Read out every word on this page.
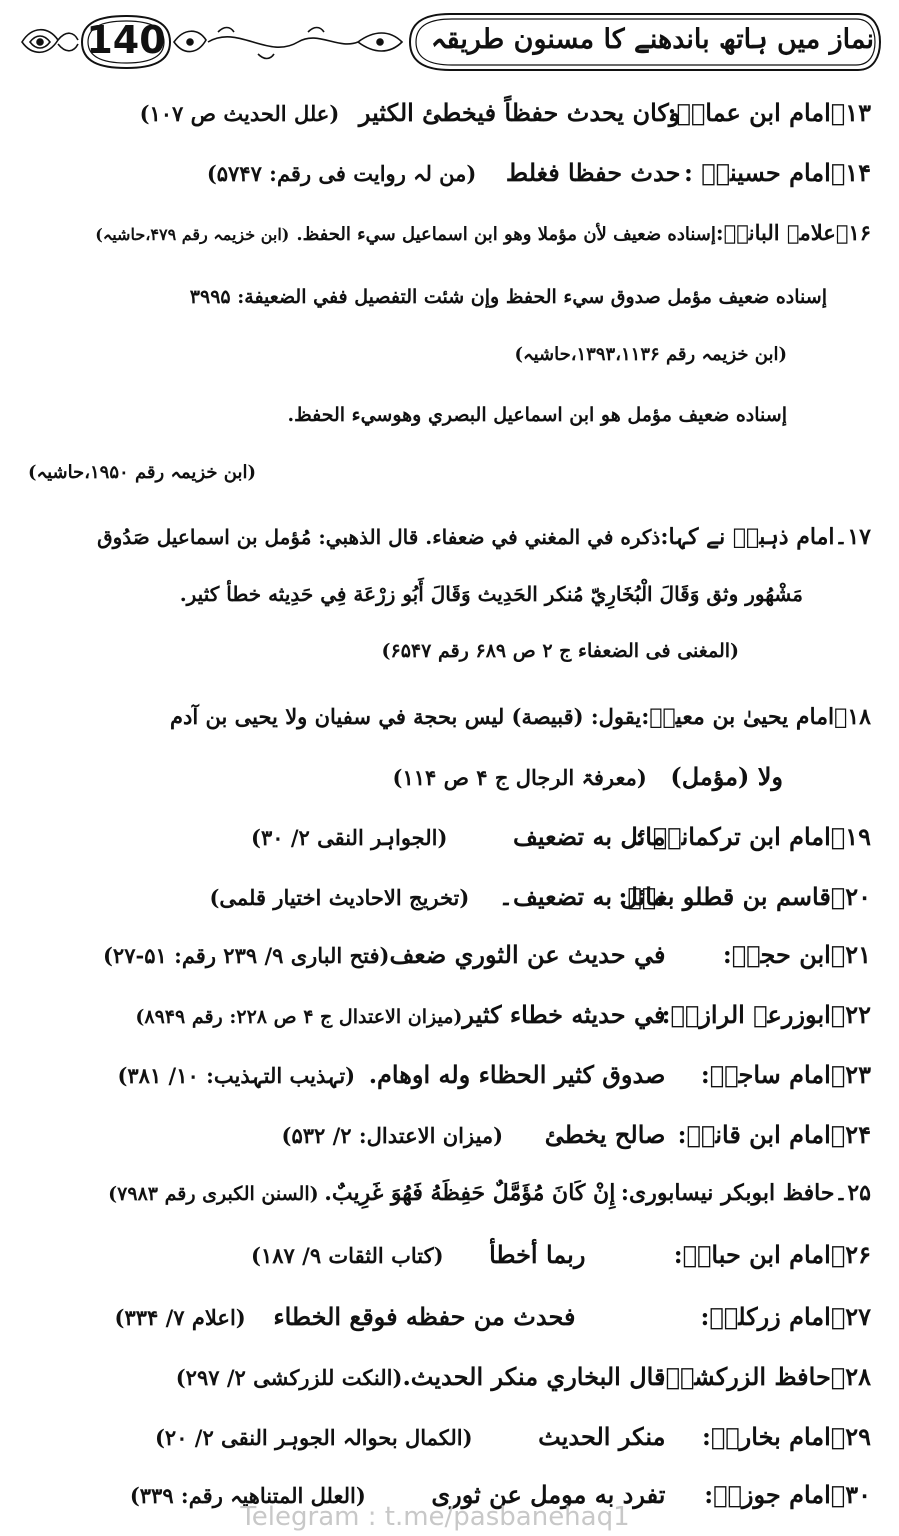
140	نماز میں ہاتھ باندھنے کا مسنون طریقہ
۱۳۔امام ابن عمارؒ: وکان یحدث حفظاً فیخطئ الکثیر (علل الحدیث ص ۱۰۷)
۱۴۔امام حسینیؒ : حدث حفظا فغلط (من لہ روایت فی رقم: ۵۷۴۷)
۱۶۔علامہ البانیؒ:إسناده ضعيف لأن مؤملا وهو ابن اسماعيل سيء الحفظ. (ابن خزیمہ رقم ۴۷۹،حاشیہ)
إسناده ضعيف مؤمل صدوق سيء الحفظ وإن شئت التفصيل ففي الضعيفة: ۳۹۹۵
(ابن خزیمہ رقم ۱۳۹۳،۱۱۳۶،حاشیہ)
إسناده ضعيف مؤمل هو ابن اسماعيل البصري وهوسيء الحفظ.
(ابن خزیمہ رقم ۱۹۵۰،حاشیہ)
۱۷۔امام ذہبیؒ نے کہا:ذكره في المغني في ضعفاء. قال الذهبي: مُؤمل بن اسماعيل صَدُوق
مَشْهُور وثق وَقَالَ الْبُخَارِيّ مُنكر الحَدِيث وَقَالَ أَبُو زرْعَة فِي حَدِيثه خطأ كثير.
(المغنی فی الضعفاء ج ۲ ص ۶۸۹ رقم ۶۵۴۷)
۱۸۔امام یحییٰ بن معینؒ:يقول: (قبيصة) ليس بحجة في سفيان ولا يحيى بن آدم
ولا (مؤمل) (معرفۃ الرجال ج ۴ ص ۱۱۴)
۱۹۔امام ابن ترکمانیؒ : مائل به تضعيف (الجواہر النقی ۲/ ۳۰)
۲۰۔قاسم بن قطلو بغاؒ: مائل به تضعيف۔ (تخریج الاحادیث اختیار قلمی)
۲۱۔ابن حجرؒ: في حديث عن الثوري ضعف(فتح الباری ۹/ ۲۳۹ رقم: ۵۱-۲۷)
۲۲۔ابوزرعہ الرازیؒ: في حديثه خطاء كثير(میزان الاعتدال ج ۴ ص ۲۲۸: رقم ۸۹۴۹)
۲۳۔امام ساجیؒ: صدوق كثير الحظاء وله اوهام. (تہذیب التہذیب: ۱۰/ ۳۸۱)
۲۴۔امام ابن قانعؒ: صالح يخطئ (میزان الاعتدال: ۲/ ۵۳۲)
۲۵۔حافظ ابوبکر نیسابوری: إِنْ كَانَ مُؤَمَّلٌ حَفِظَهُ فَهُوَ غَرِيبٌ. (السنن الکبری رقم ۷۹۸۳)
۲۶۔امام ابن حبانؒ: ربما أخطأ (کتاب الثقات ۹/ ۱۸۷)
۲۷۔امام زرکلیؒ: فحدث من حفظه فوقع الخطاء (اعلام ۷/ ۳۳۴)
۲۸۔حافظ الزرکشیؒ: قال البخاري منكر الحديث.(النکت للزرکشی ۲/ ۲۹۷)
۲۹۔امام بخاریؒ: منكر الحديث (الکمال بحوالہ الجوہر النقی ۲/ ۲۰)
۳۰۔امام جوزیؒ: تفرد به مومل عن ثوری (العلل المتناھیہ رقم: ۳۳۹)
Telegram : t.me/pasbanehaq1
